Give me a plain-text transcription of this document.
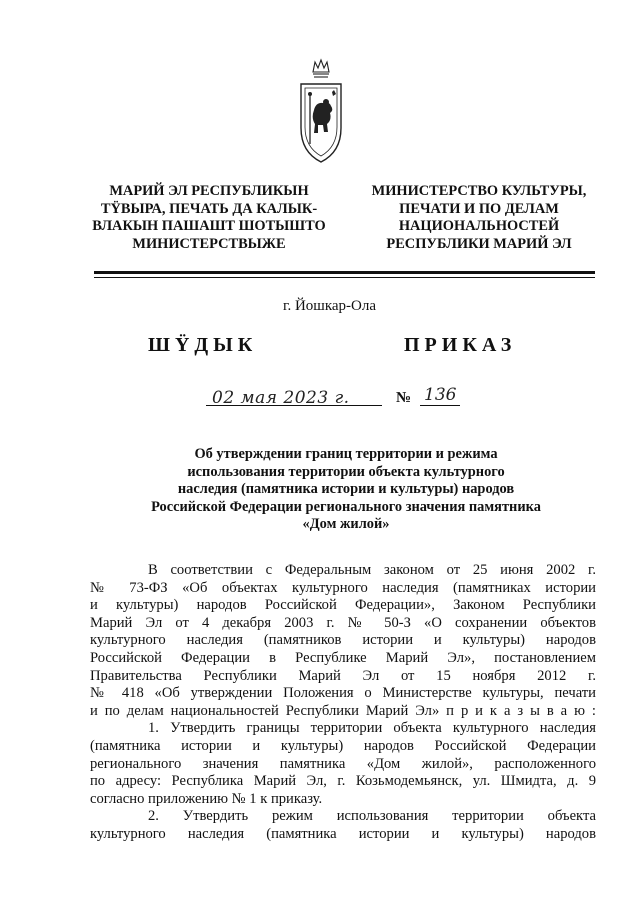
МАРИЙ ЭЛ РЕСПУБЛИКЫН
ТŸВЫРА, ПЕЧАТЬ ДА КАЛЫК-
ВЛАКЫН ПАШАШТ ШОТЫШТО
МИНИСТЕРСТВЫЖЕ
МИНИСТЕРСТВО КУЛЬТУРЫ,
ПЕЧАТИ И ПО ДЕЛАМ
НАЦИОНАЛЬНОСТЕЙ
РЕСПУБЛИКИ МАРИЙ ЭЛ
г. Йошкар-Ола
ШŸДЫК	ПРИКАЗ
02 мая 2023 г.	№ 136
Об утверждении границ территории и режима
использования территории объекта культурного
наследия (памятника истории и культуры) народов
Российской Федерации регионального значения памятника
«Дом жилой»
В соответствии с Федеральным законом от 25 июня 2002 г.
№ 73-ФЗ «Об объектах культурного наследия (памятниках истории
и культуры) народов Российской Федерации», Законом Республики
Марий Эл от 4 декабря 2003 г. № 50-З «О сохранении объектов
культурного наследия (памятников истории и культуры) народов
Российской Федерации в Республике Марий Эл», постановлением
Правительства Республики Марий Эл от 15 ноября 2012 г.
№ 418 «Об утверждении Положения о Министерстве культуры, печати
и по делам национальностей Республики Марий Эл» п р и к а з ы в а ю :
1. Утвердить границы территории объекта культурного наследия
(памятника истории и культуры) народов Российской Федерации
регионального значения памятника «Дом жилой», расположенного
по адресу: Республика Марий Эл, г. Козьмодемьянск, ул. Шмидта, д. 9
согласно приложению № 1 к приказу.
2. Утвердить режим использования территории объекта
культурного наследия (памятника истории и культуры) народов
